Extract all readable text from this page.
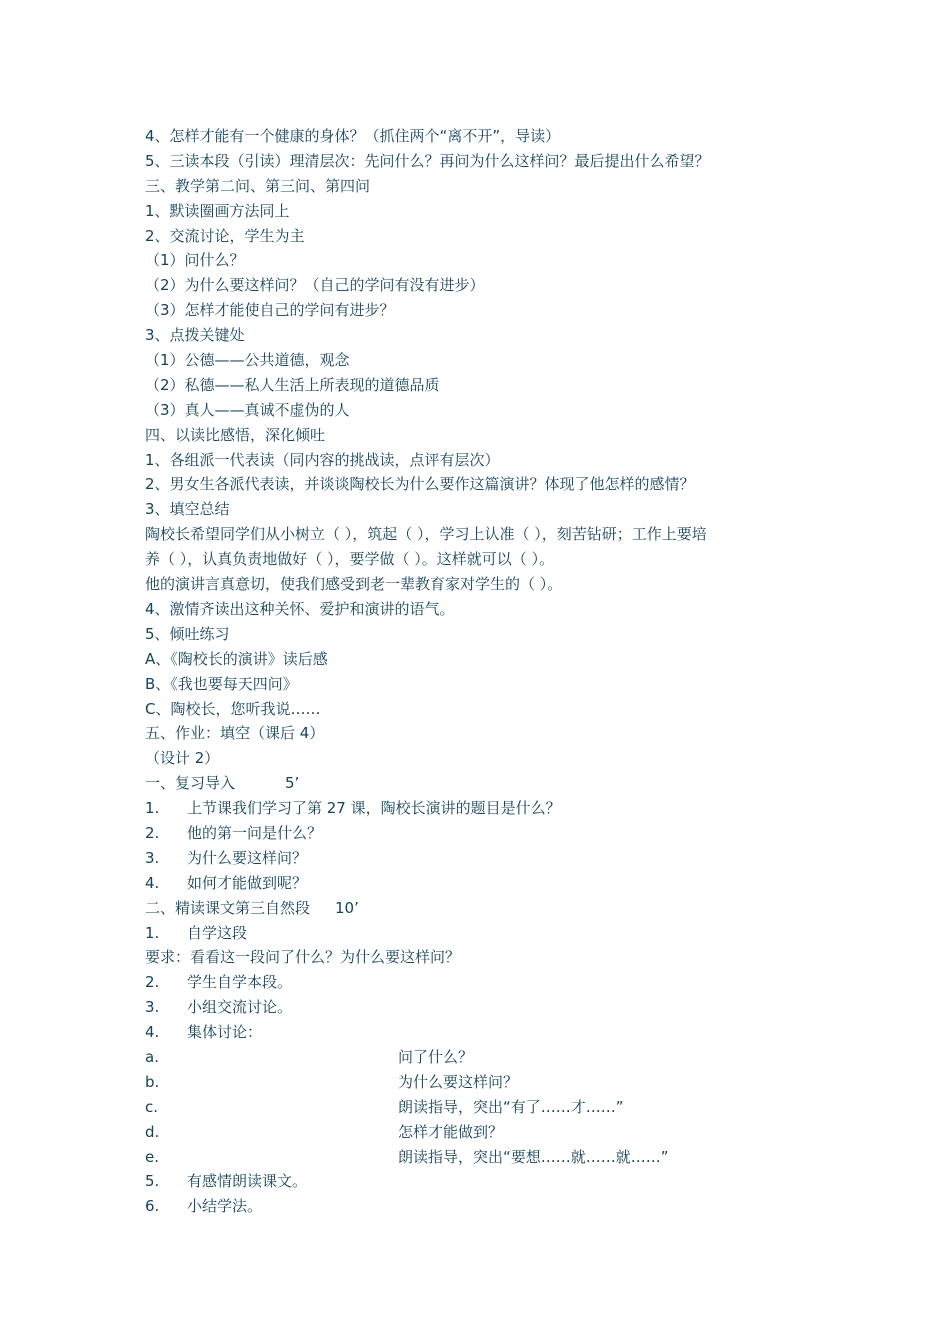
4、怎样才能有一个健康的身体？（抓住两个“离不开”，导读）
5、三读本段（引读）理清层次：先问什么？再问为什么这样问？最后提出什么希望？
三、教学第二问、第三问、第四问
1、默读圈画方法同上
2、交流讨论，学生为主
（1）问什么？
（2）为什么要这样问？（自己的学问有没有进步）
（3）怎样才能使自己的学问有进步？
3、点拨关键处
（1）公德——公共道德，观念
（2）私德——私人生活上所表现的道德品质
（3）真人——真诚不虚伪的人
四、以读比感悟，深化倾吐
1、各组派一代表读（同内容的挑战读，点评有层次）
2、男女生各派代表读，并谈谈陶校长为什么要作这篇演讲？体现了他怎样的感情？
3、填空总结
陶校长希望同学们从小树立（ ），筑起（ ），学习上认准（ ），刻苦钻研；工作上要培
养（ ），认真负责地做好（ ），要学做（ ）。这样就可以（ ）。
他的演讲言真意切，使我们感受到老一辈教育家对学生的（ ）。
4、激情齐读出这种关怀、爱护和演讲的语气。
5、倾吐练习
A、《陶校长的演讲》读后感
B、《我也要每天四问》
C、陶校长，您听我说……
五、作业：填空（课后 4）
（设计 2）
一、复习导入	5’
1. 上节课我们学习了第 27 课，陶校长演讲的题目是什么？
2. 他的第一问是什么？
3. 为什么要这样问？
4. 如何才能做到呢？
二、精读课文第三自然段 10’
1. 自学这段
要求：看看这一段问了什么？为什么要这样问？
2. 学生自学本段。
3. 小组交流讨论。
4. 集体讨论：
a.	问了什么？
b.	为什么要这样问？
c.	朗读指导，突出“有了……才……”
d.	怎样才能做到？
e.	朗读指导，突出“要想……就……就……”
5. 有感情朗读课文。
6. 小结学法。
